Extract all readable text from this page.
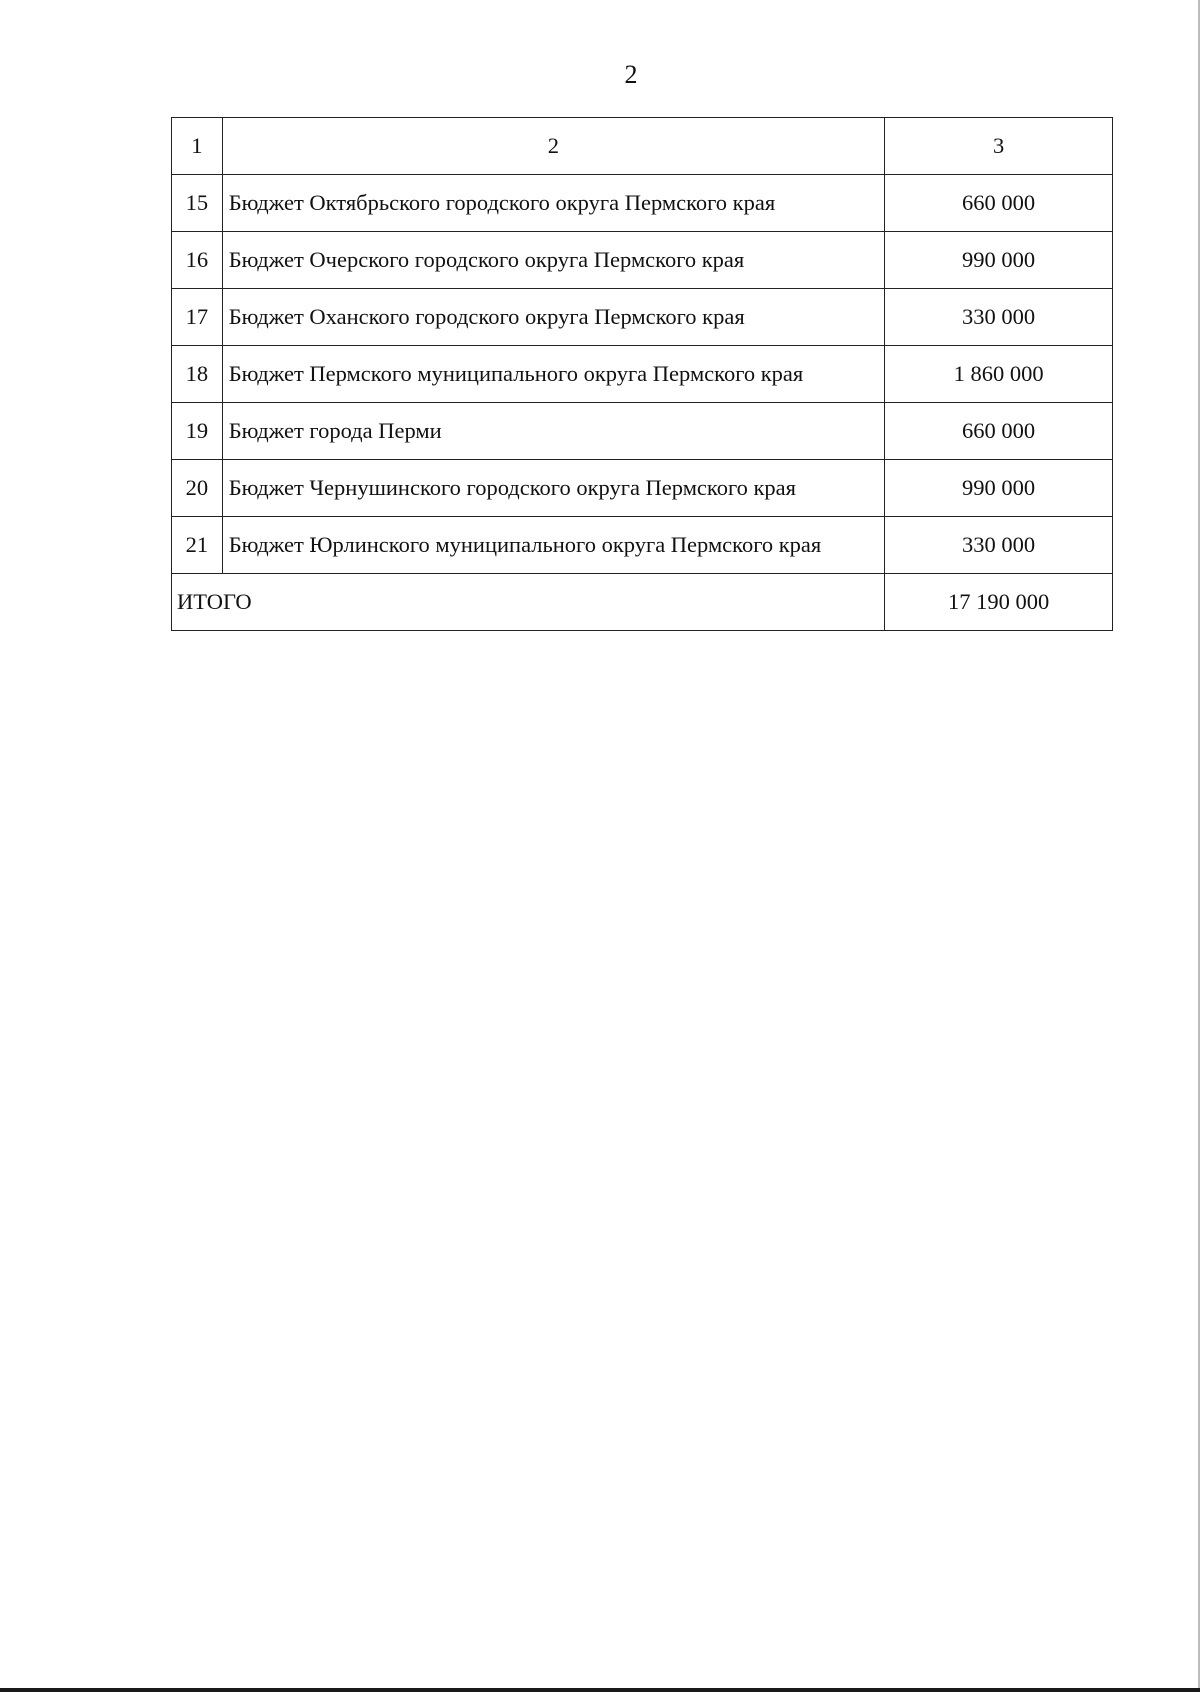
2
1	2	3
15	Бюджет Октябрьского городского округа Пермского края	660 000
16	Бюджет Очерского городского округа Пермского края	990 000
17	Бюджет Оханского городского округа Пермского края	330 000
18	Бюджет Пермского муниципального округа Пермского края	1 860 000
19	Бюджет города Перми	660 000
20	Бюджет Чернушинского городского округа Пермского края	990 000
21	Бюджет Юрлинского муниципального округа Пермского края	330 000
ИТОГО		17 190 000
